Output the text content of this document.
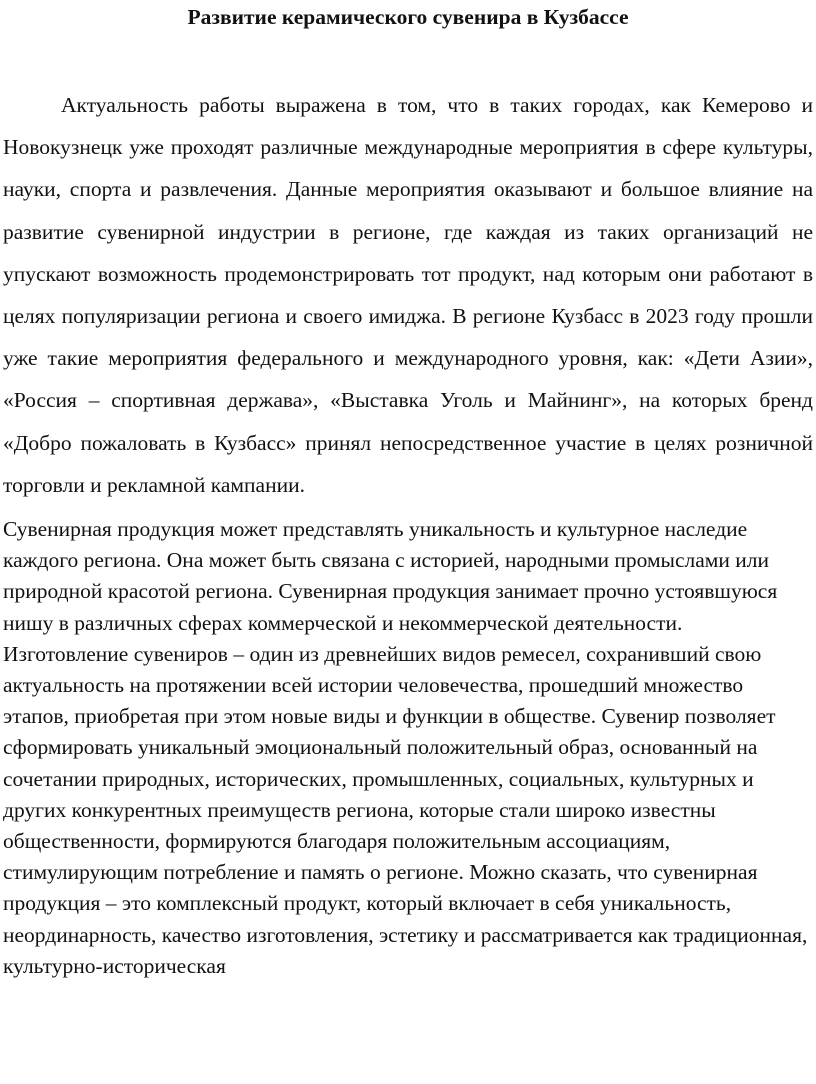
Развитие керамического сувенира в Кузбассе

Актуальность работы выражена в том, что в таких городах, как Кемерово и Новокузнецк уже проходят различные международные мероприятия в сфере культуры, науки, спорта и развлечения. Данные мероприятия оказывают и большое влияние на развитие сувенирной индустрии в регионе, где каждая из таких организаций не упускают возможность продемонстрировать тот продукт, над которым они работают в целях популяризации региона и своего имиджа. В регионе Кузбасс в 2023 году прошли уже такие мероприятия федерального и международного уровня, как: «Дети Азии», «Россия – спортивная держава», «Выставка Уголь и Майнинг», на которых бренд «Добро пожаловать в Кузбасс» принял непосредственное участие в целях розничной торговли и рекламной кампании.

Сувенирная продукция может представлять уникальность и культурное наследие каждого региона. Она может быть связана с историей, народными промыслами или природной красотой региона. Сувенирная продукция занимает прочно устоявшуюся нишу в различных сферах коммерческой и некоммерческой деятельности. Изготовление сувениров – один из древнейших видов ремесел, сохранивший свою актуальность на протяжении всей истории человечества, прошедший множество этапов, приобретая при этом новые виды и функции в обществе. Сувенир позволяет сформировать уникальный эмоциональный положительный образ, основанный на сочетании природных, исторических, промышленных, социальных, культурных и других конкурентных преимуществ региона, которые стали широко известны общественности, формируются благодаря положительным ассоциациям, стимулирующим потребление и память о регионе. Можно сказать, что сувенирная продукция – это комплексный продукт, который включает в себя уникальность, неординарность, качество изготовления, эстетику и рассматривается как традиционная, культурно-историческая
